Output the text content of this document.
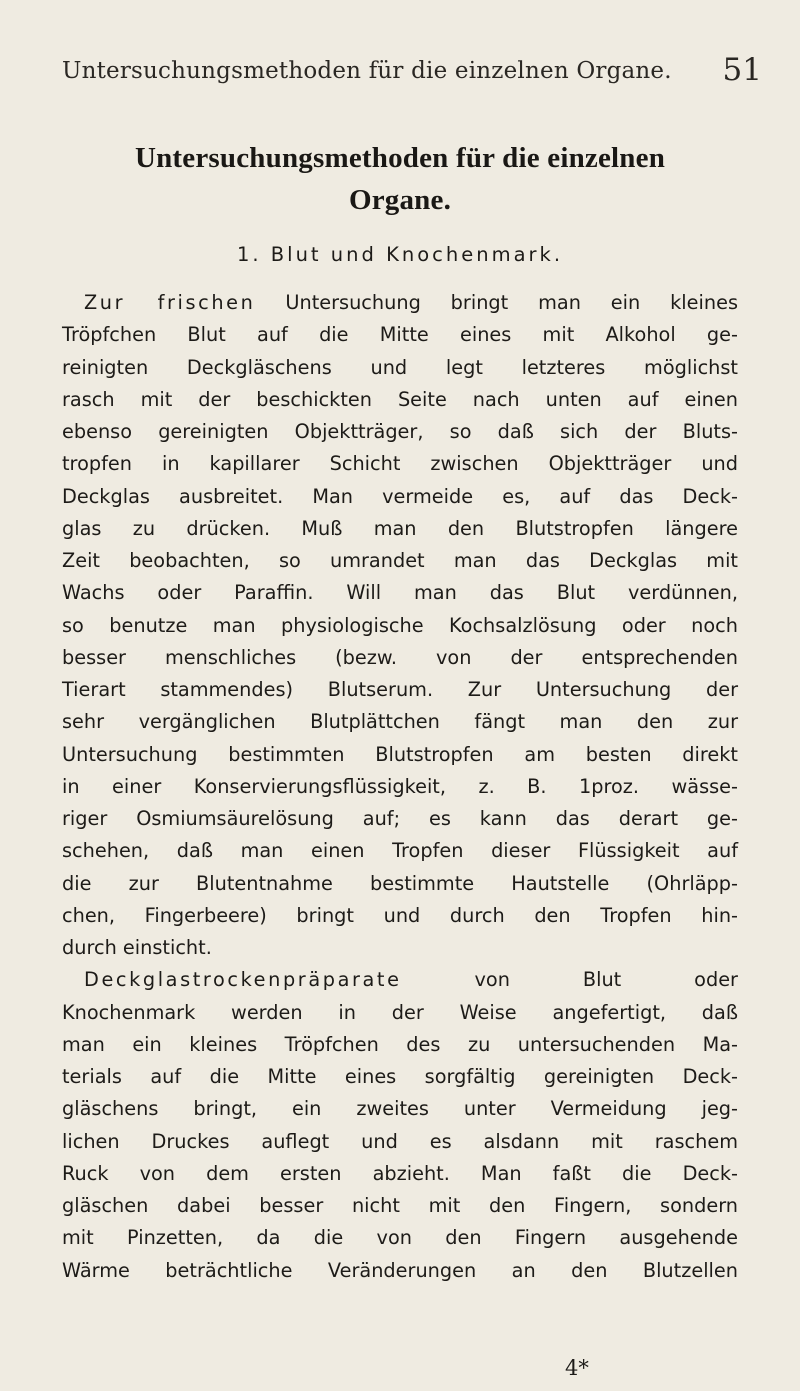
Untersuchungsmethoden für die einzelnen Organe. 51
Untersuchungsmethoden für die einzelnen
Organe.
1. Blut und Knochenmark.
Zur frischen Untersuchung bringt man ein kleines
Tröpfchen Blut auf die Mitte eines mit Alkohol ge-
reinigten Deckgläschens und legt letzteres möglichst
rasch mit der beschickten Seite nach unten auf einen
ebenso gereinigten Objektträger, so daß sich der Bluts-
tropfen in kapillarer Schicht zwischen Objektträger und
Deckglas ausbreitet. Man vermeide es, auf das Deck-
glas zu drücken. Muß man den Blutstropfen längere
Zeit beobachten, so umrandet man das Deckglas mit
Wachs oder Paraffin. Will man das Blut verdünnen,
so benutze man physiologische Kochsalzlösung oder noch
besser menschliches (bezw. von der entsprechenden
Tierart stammendes) Blutserum. Zur Untersuchung der
sehr vergänglichen Blutplättchen fängt man den zur
Untersuchung bestimmten Blutstropfen am besten direkt
in einer Konservierungsflüssigkeit, z. B. 1proz. wässe-
riger Osmiumsäurelösung auf; es kann das derart ge-
schehen, daß man einen Tropfen dieser Flüssigkeit auf
die zur Blutentnahme bestimmte Hautstelle (Ohrläpp-
chen, Fingerbeere) bringt und durch den Tropfen hin-
durch einsticht.
Deckglastrockenpräparate	von Blut oder
Knochenmark werden in der Weise angefertigt, daß
man ein kleines Tröpfchen des zu untersuchenden Ma-
terials auf die Mitte eines sorgfältig gereinigten Deck-
gläschens bringt, ein zweites unter Vermeidung jeg-
lichen Druckes auflegt und es alsdann mit raschem
Ruck von dem ersten abzieht. Man faßt die Deck-
gläschen dabei besser nicht mit den Fingern, sondern
mit Pinzetten, da die von den Fingern ausgehende
Wärme beträchtliche Veränderungen an den Blutzellen
4*
